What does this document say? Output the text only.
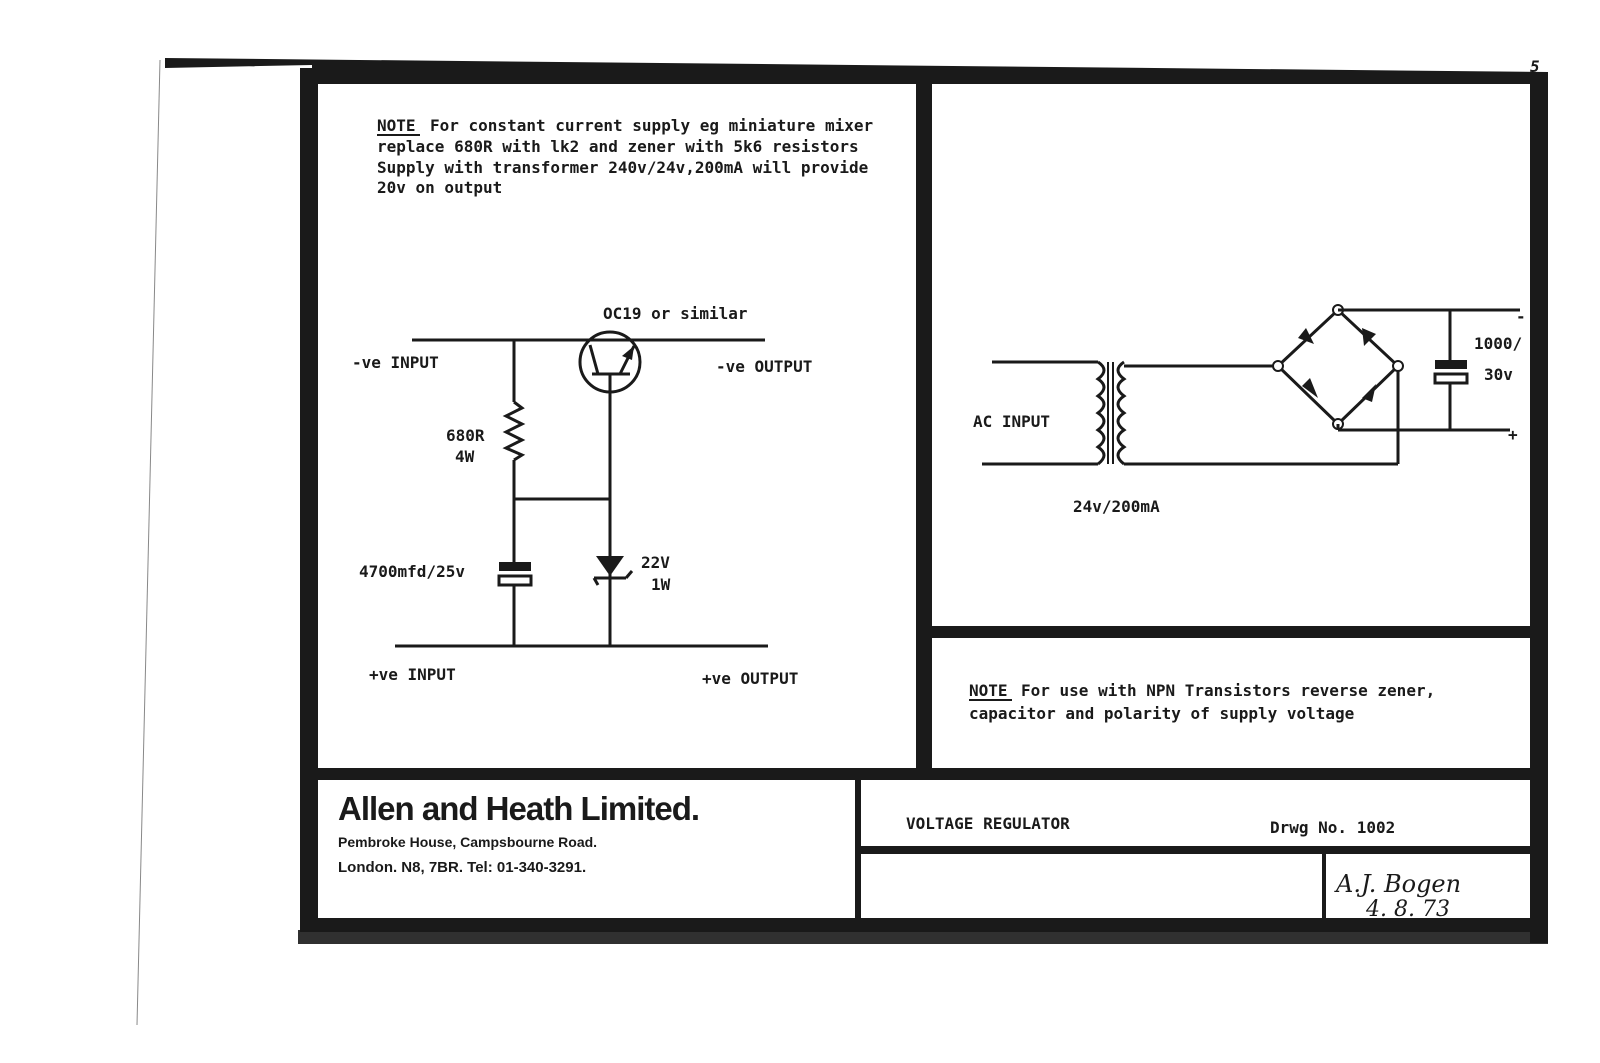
5
NOTE For constant current supply eg miniature mixer
replace 680R with lk2 and zener with 5k6 resistors
Supply with transformer 240v/24v,200mA will provide
20v on output
OC19 or similar
-ve INPUT	-ve OUTPUT
680R
4W
4700mfd/25v	22V
1W
+ve INPUT	+ve OUTPUT
AC INPUT
24v/200mA
1000/
30v
-
+
NOTE For use with NPN Transistors reverse zener,
capacitor and polarity of supply voltage
Allen and Heath Limited.
Pembroke House, Campsbourne Road.
London. N8, 7BR. Tel: 01-340-3291.
VOLTAGE REGULATOR	Drwg No. 1002
A.J. Bogen
4. 8. 73
